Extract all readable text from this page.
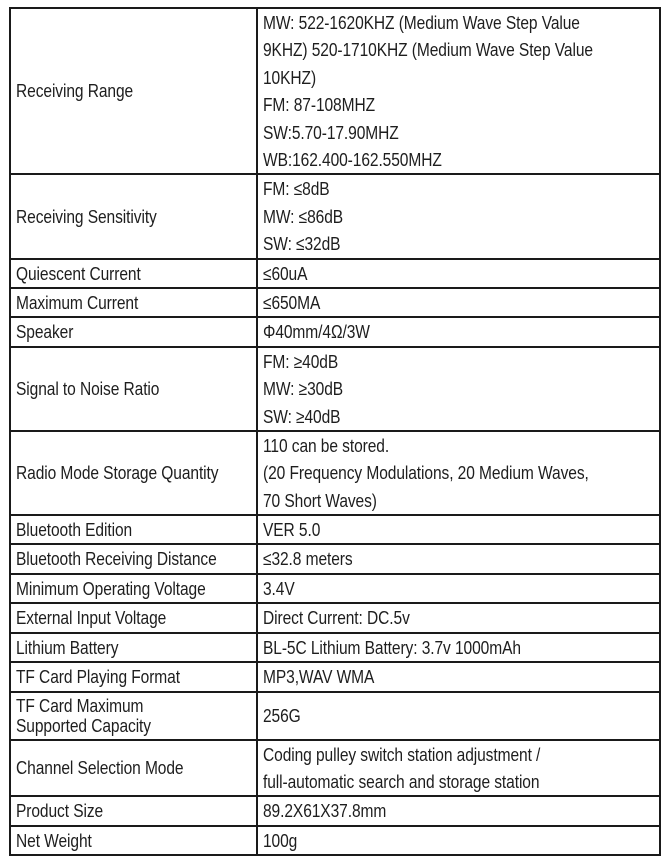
Receiving Range	
MW: 522-1620KHZ (Medium Wave Step Value
9KHZ) 520-1710KHZ (Medium Wave Step Value
10KHZ)
FM: 87-108MHZ
SW:5.70-17.90MHZ
WB:162.400-162.550MHZ

Receiving Sensitivity	FM: ≤8dB
MW: ≤86dB
SW: ≤32dB

Quiescent Current	≤60uA
Maximum Current	≤650MA
Speaker	Φ40mm/4Ω/3W
Signal to Noise Ratio	FM: ≥40dB
MW: ≥30dB
SW: ≥40dB

Radio Mode Storage Quantity	110 can be stored.
(20 Frequency Modulations, 20 Medium Waves,
70 Short Waves)

Bluetooth Edition	VER 5.0
Bluetooth Receiving Distance	≤32.8 meters
Minimum Operating Voltage	3.4V
External Input Voltage	Direct Current: DC.5v
Lithium Battery	BL-5C Lithium Battery: 3.7v 1000mAh
TF Card Playing Format	MP3,WAV WMA

TF Card Maximum
Supported Capacity	256G
Channel Selection Mode	Coding pulley switch station adjustment /
full-automatic search and storage station

Product Size	89.2X61X37.8mm
Net Weight	100g
